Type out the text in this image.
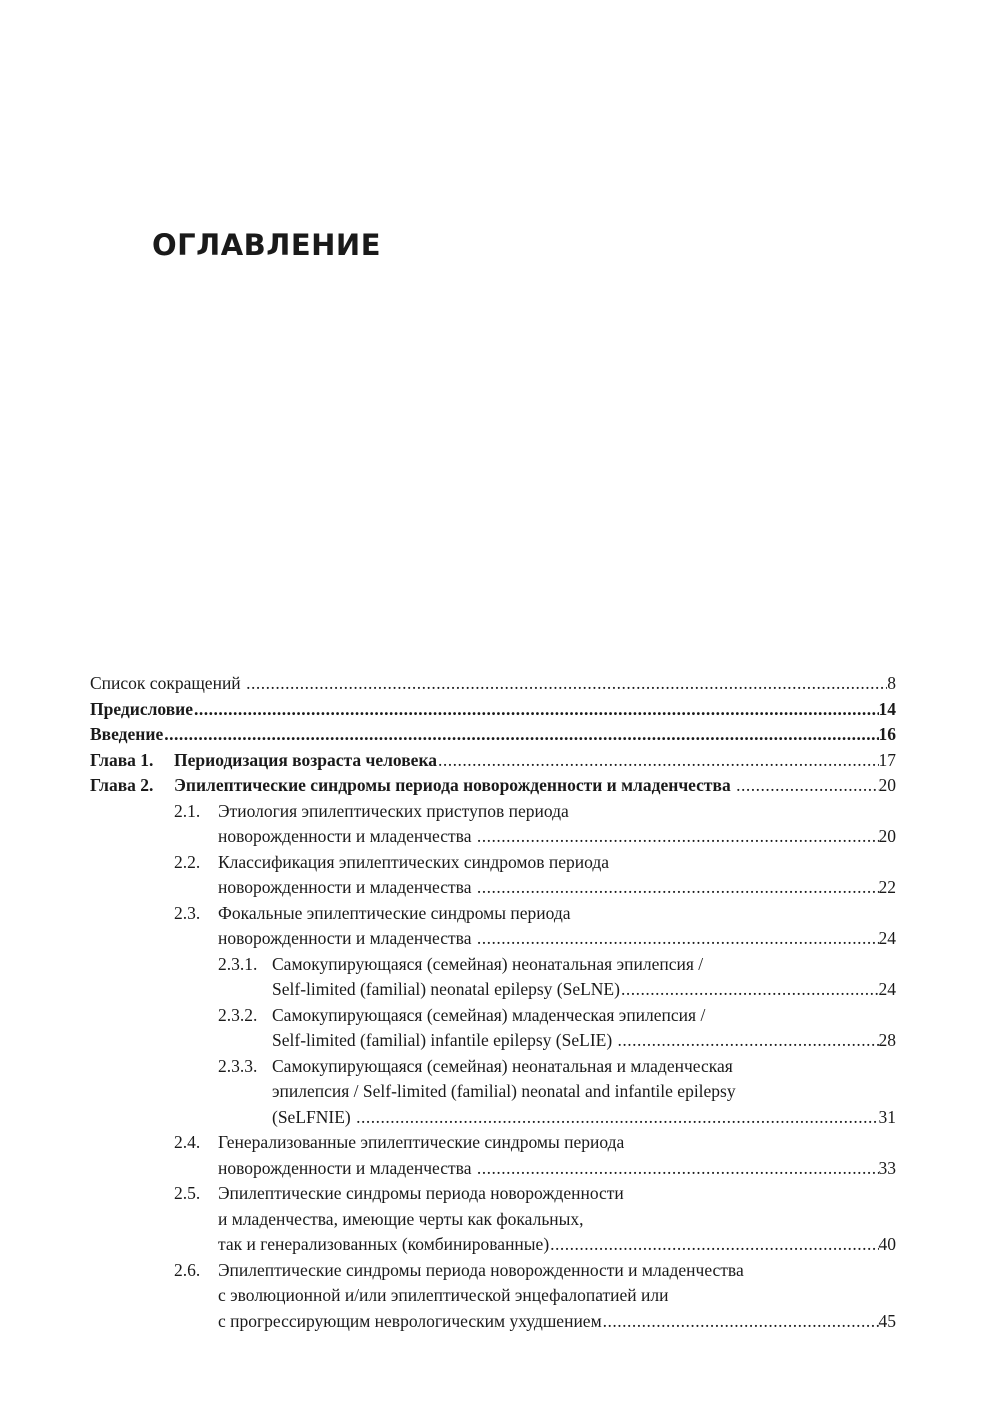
ОГЛАВЛЕНИЕ
Список сокращений .....	8
Предисловие .....	14
Введение .....	16
Глава 1.	Периодизация возраста человека .....	17
Глава 2.	Эпилептические синдромы периода новорожденности и младенчества .....	20
2.1.	Этиология эпилептических приступов периода
новорожденности и младенчества .....	20
2.2.	Классификация эпилептических синдромов периода
новорожденности и младенчества .....	22
2.3.	Фокальные эпилептические синдромы периода
новорожденности и младенчества .....	24
2.3.1. Самокупирующаяся (семейная) неонатальная эпилепсия /
Self-limited (familial) neonatal epilepsy (SeLNE) .....	24
2.3.2. Самокупирующаяся (семейная) младенческая эпилепсия /
Self-limited (familial) infantile epilepsy (SeLIE) .....	28
2.3.3. Самокупирующаяся (семейная) неонатальная и младенческая
эпилепсия / Self-limited (familial) neonatal and infantile epilepsy
(SeLFNIE) .....	31
2.4.	Генерализованные эпилептические синдромы периода
новорожденности и младенчества .....	33
2.5.	Эпилептические синдромы периода новорожденности
и младенчества, имеющие черты как фокальных,
так и генерализованных (комбинированные) .....	40
2.6.	Эпилептические синдромы периода новорожденности и младенчества
с эволюционной и/или эпилептической энцефалопатией или
с прогрессирующим неврологическим ухудшением .....	45
